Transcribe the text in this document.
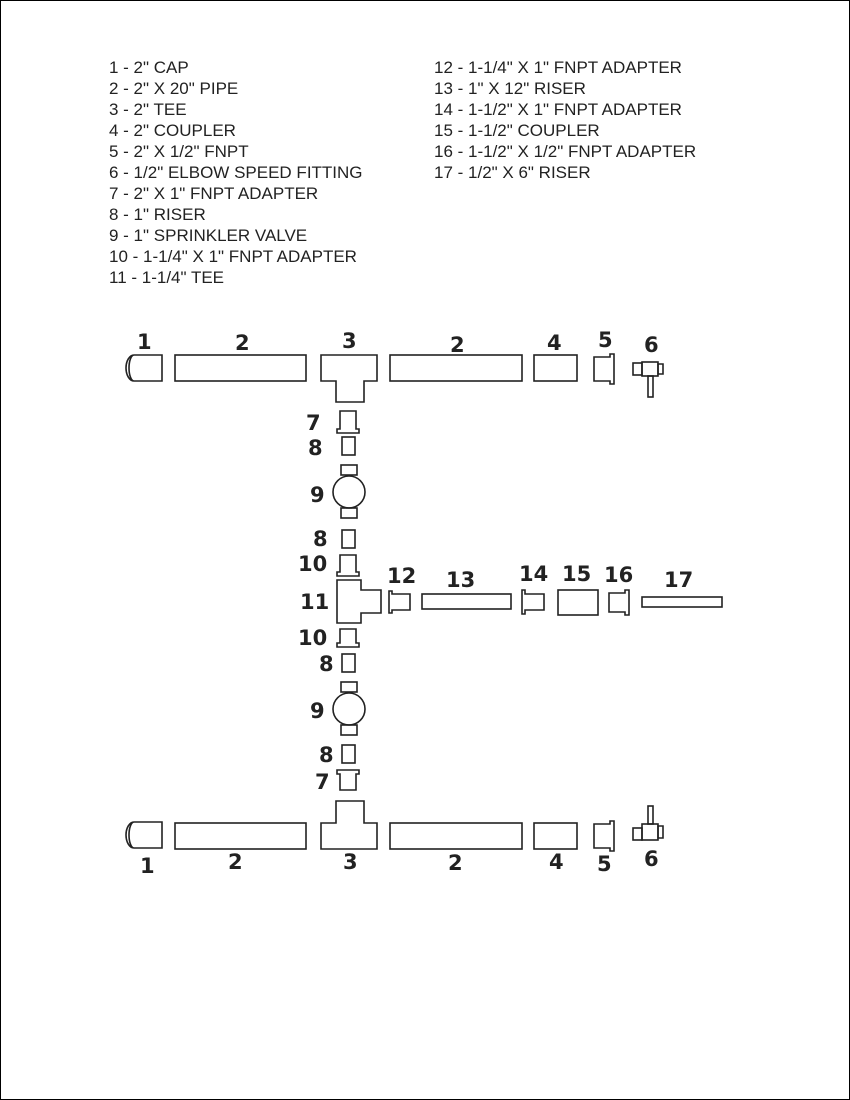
1 - 2" CAP
2 - 2" X 20" PIPE
3 - 2" TEE
4 - 2" COUPLER
5 - 2" X 1/2" FNPT
6 - 1/2" ELBOW SPEED FITTING
7 - 2" X 1" FNPT ADAPTER
8 - 1" RISER
9 - 1" SPRINKLER VALVE
10 - 1-1/4" X 1" FNPT ADAPTER
11 - 1-1/4" TEE
12 - 1-1/4" X 1" FNPT ADAPTER
13 - 1" X 12" RISER
14 - 1-1/2" X 1" FNPT ADAPTER
15 - 1-1/2" COUPLER
16 - 1-1/2" X 1/2" FNPT ADAPTER
17 - 1/2" X 6" RISER
1	2	3	2	4 5 6
7
8
9
8
10
11
12 13 14 15 16 17
10
8
9
8
7
1	2	3	2	4 5 6
